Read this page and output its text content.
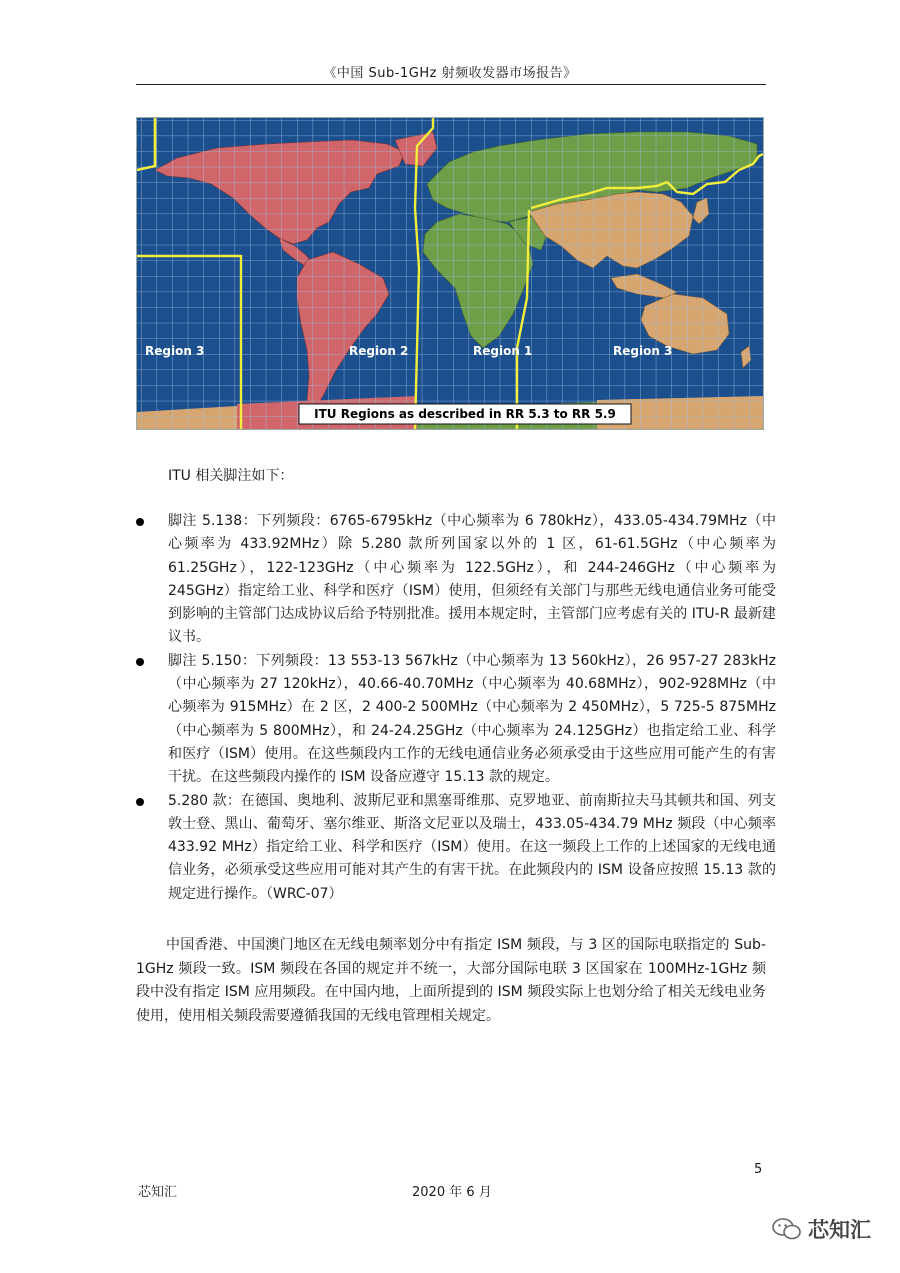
《中国 Sub-1GHz 射频收发器市场报告》
Region 3	Region 2	Region 1	Region 3
ITU Regions as described in RR 5.3 to RR 5.9
ITU 相关脚注如下：

脚注 5.138：下列频段：6765-6795kHz（中心频率为 6 780kHz），433.05-434.79MHz（中心频率为 433.92MHz）除 5.280 款所列国家以外的 1 区，61-61.5GHz（中心频率为 61.25GHz），122-123GHz（中心频率为 122.5GHz），和 244-246GHz（中心频率为 245GHz）指定给工业、科学和医疗（ISM）使用，但须经有关部门与那些无线电通信业务可能受到影响的主管部门达成协议后给予特别批准。援用本规定时，主管部门应考虑有关的 ITU-R 最新建议书。

脚注 5.150：下列频段：13 553-13 567kHz（中心频率为 13 560kHz），26 957-27 283kHz（中心频率为 27 120kHz），40.66-40.70MHz（中心频率为 40.68MHz），902-928MHz（中心频率为 915MHz）在 2 区，2 400-2 500MHz（中心频率为 2 450MHz），5 725-5 875MHz（中心频率为 5 800MHz），和 24-24.25GHz（中心频率为 24.125GHz）也指定给工业、科学和医疗（ISM）使用。在这些频段内工作的无线电通信业务必须承受由于这些应用可能产生的有害干扰。在这些频段内操作的 ISM 设备应遵守 15.13 款的规定。

5.280 款：在德国、奥地利、波斯尼亚和黑塞哥维那、克罗地亚、前南斯拉夫马其顿共和国、列支敦士登、黑山、葡萄牙、塞尔维亚、斯洛文尼亚以及瑞士，433.05-434.79 MHz 频段（中心频率 433.92 MHz）指定给工业、科学和医疗（ISM）使用。在这一频段上工作的上述国家的无线电通信业务，必须承受这些应用可能对其产生的有害干扰。在此频段内的 ISM 设备应按照 15.13 款的规定进行操作。（WRC-07）

中国香港、中国澳门地区在无线电频率划分中有指定 ISM 频段，与 3 区的国际电联指定的 Sub-1GHz 频段一致。ISM 频段在各国的规定并不统一，大部分国际电联 3 区国家在 100MHz-1GHz 频段中没有指定 ISM 应用频段。在中国内地，上面所提到的 ISM 频段实际上也划分给了相关无线电业务使用，使用相关频段需要遵循我国的无线电管理相关规定。

5
芯知汇	2020 年 6 月
芯知汇
